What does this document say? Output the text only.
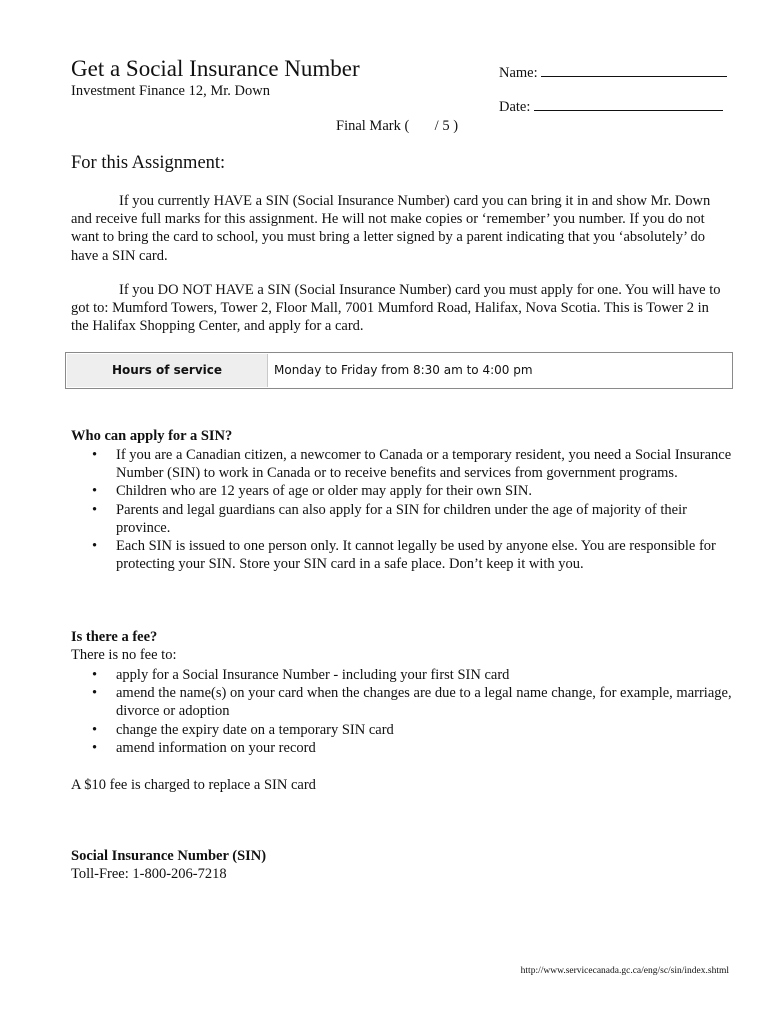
Get a Social Insurance Number
Investment Finance 12, Mr. Down
Name:
Date:
Final Mark (       / 5 )
For this Assignment:
If you currently HAVE a SIN (Social Insurance Number) card you can bring it in and show Mr. Down and receive full marks for this assignment. He will not make copies or ‘remember’ you number. If you do not want to bring the card to school, you must bring a letter signed by a parent indicating that you ‘absolutely’ do have a SIN card.
If you DO NOT HAVE a SIN (Social Insurance Number) card you must apply for one. You will have to got to: Mumford Towers, Tower 2, Floor Mall, 7001 Mumford Road, Halifax, Nova Scotia. This is Tower 2 in the Halifax Shopping Center, and apply for a card.
Hours of service	Monday to Friday from 8:30 am to 4:00 pm
Who can apply for a SIN?
• If you are a Canadian citizen, a newcomer to Canada or a temporary resident, you need a Social Insurance Number (SIN) to work in Canada or to receive benefits and services from government programs.
• Children who are 12 years of age or older may apply for their own SIN.
• Parents and legal guardians can also apply for a SIN for children under the age of majority of their province.
• Each SIN is issued to one person only. It cannot legally be used by anyone else. You are responsible for protecting your SIN. Store your SIN card in a safe place. Don’t keep it with you.
Is there a fee?
There is no fee to:
• apply for a Social Insurance Number - including your first SIN card
• amend the name(s) on your card when the changes are due to a legal name change, for example, marriage, divorce or adoption
• change the expiry date on a temporary SIN card
• amend information on your record
A $10 fee is charged to replace a SIN card
Social Insurance Number (SIN)
Toll-Free: 1-800-206-7218
http://www.servicecanada.gc.ca/eng/sc/sin/index.shtml
